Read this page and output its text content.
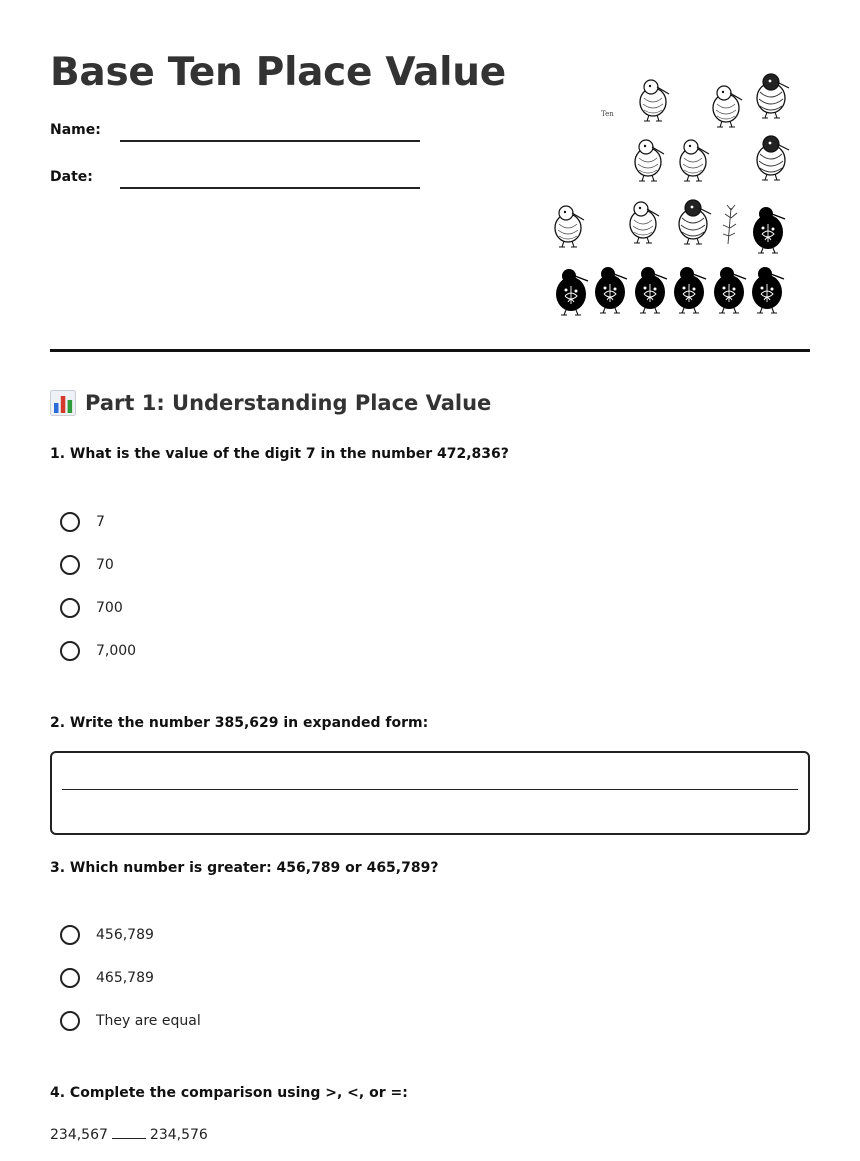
Base Ten Place Value
Name:
Date:
Ten
Part 1: Understanding Place Value
1. What is the value of the digit 7 in the number 472,836?
7
70
700
7,000
2. Write the number 385,629 in expanded form:
3. Which number is greater: 456,789 or 465,789?
456,789
465,789
They are equal
4. Complete the comparison using >, <, or =:
234,567	234,576
